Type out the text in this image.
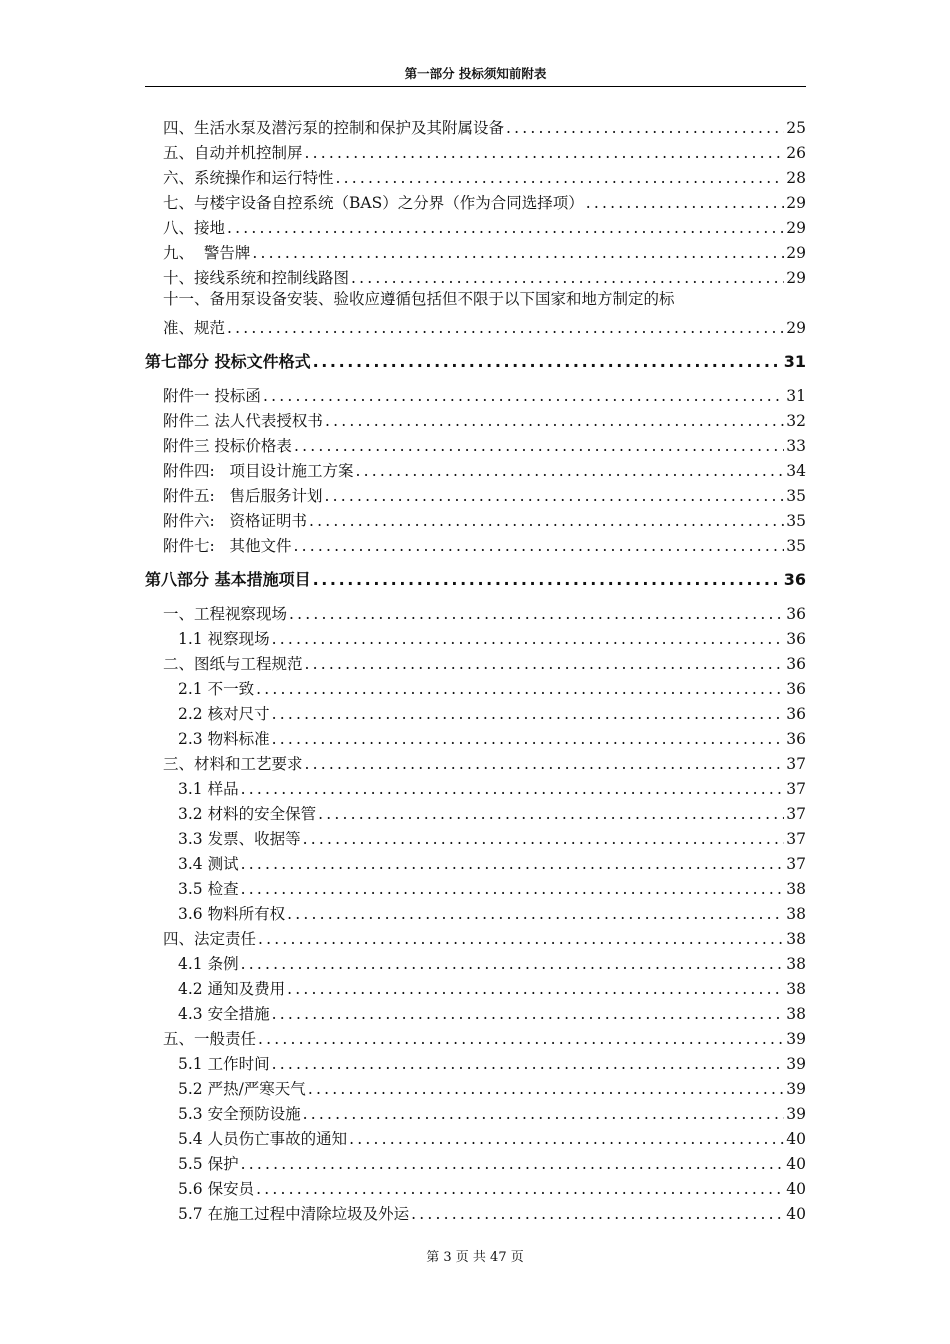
第一部分 投标须知前附表
四、生活水泵及潜污泵的控制和保护及其附属设备 .....	25
五、自动并机控制屏 .....	26
六、系统操作和运行特性 .....	28
七、与楼宇设备自控系统（BAS）之分界（作为合同选择项） .....	29
八、接地 .....	29
九、  警告牌 .....	29
十、接线系统和控制线路图 .....	29
十一、备用泵设备安装、验收应遵循包括但不限于以下国家和地方制定的标
准、规范 .....	29
第七部分 投标文件格式 .....	31
附件一 投标函 .....	31
附件二 法人代表授权书 .....	32
附件三 投标价格表 .....	33
附件四:   项目设计施工方案 .....	34
附件五:   售后服务计划 .....	35
附件六:   资格证明书 .....	35
附件七:   其他文件 .....	35
第八部分 基本措施项目 .....	36
一、工程视察现场 .....	36
1.1 视察现场 .....	36
二、图纸与工程规范 .....	36
2.1 不一致 .....	36
2.2 核对尺寸 .....	36
2.3 物料标准 .....	36
三、材料和工艺要求 .....	37
3.1 样品 .....	37
3.2 材料的安全保管 .....	37
3.3 发票、收据等 .....	37
3.4 测试 .....	37
3.5 检查 .....	38
3.6 物料所有权 .....	38
四、法定责任 .....	38
4.1 条例 .....	38
4.2 通知及费用 .....	38
4.3 安全措施 .....	38
五、一般责任 .....	39
5.1 工作时间 .....	39
5.2 严热/严寒天气 .....	39
5.3 安全预防设施 .....	39
5.4 人员伤亡事故的通知 .....	40
5.5 保护 .....	40
5.6 保安员 .....	40
5.7 在施工过程中清除垃圾及外运 .....	40
第 3 页 共 47 页
